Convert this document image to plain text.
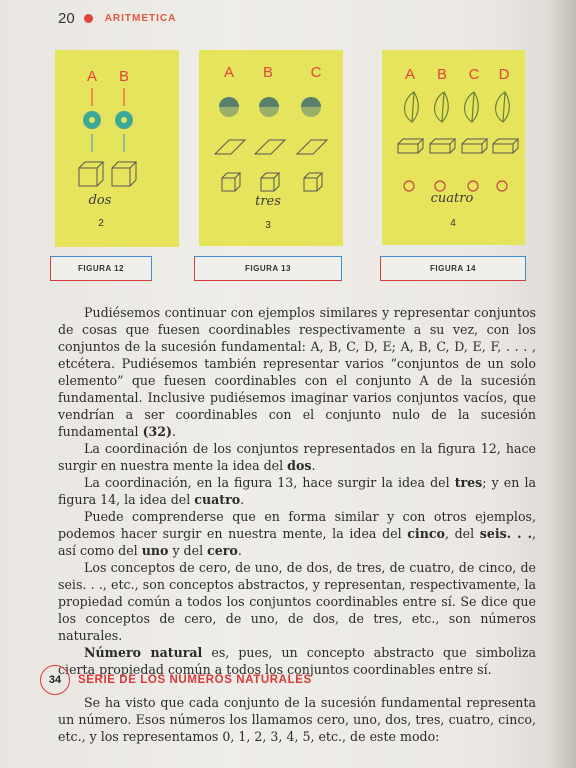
20	ARITMETICA
A B
dos
2
A B	C
tres
3
A B C D
cuatro
4
FIGURA 12	FIGURA 13	FIGURA 14

Pudiésemos continuar con ejemplos similares y representar conjuntos de cosas que fuesen coordinables respectivamente a su vez, con los conjuntos de la sucesión fundamental: A, B, C, D, E; A, B, C, D, E, F, . . . , etcétera. Pudiésemos también representar varios “conjuntos de un solo elemento” que fuesen coordinables con el conjunto A de la sucesión fundamental. Inclusive pudiésemos imaginar varios conjuntos vacíos, que vendrían a ser coordinables con el conjunto nulo de la sucesión fundamental (32).

La coordinación de los conjuntos representados en la figura 12, hace surgir en nuestra mente la idea del dos.

La coordinación, en la figura 13, hace surgir la idea del tres; y en la figura 14, la idea del cuatro.

Puede comprenderse que en forma similar y con otros ejemplos, podemos hacer surgir en nuestra mente, la idea del cinco, del seis. . ., así como del uno y del cero.

Los conceptos de cero, de uno, de dos, de tres, de cuatro, de cinco, de seis. . ., etc., son conceptos abstractos, y representan, respectivamente, la propiedad común a todos los conjuntos coordinables entre sí. Se dice que los conceptos de cero, de uno, de dos, de tres, etc., son números naturales.

Número natural es, pues, un concepto abstracto que simboliza cierta propiedad común a todos los conjuntos coordinables entre sí.

34	SERIE DE LOS NUMEROS NATURALES

Se ha visto que cada conjunto de la sucesión fundamental representa un número. Esos números los llamamos cero, uno, dos, tres, cuatro, cinco, etc., y los representamos 0, 1, 2, 3, 4, 5, etc., de este modo:
